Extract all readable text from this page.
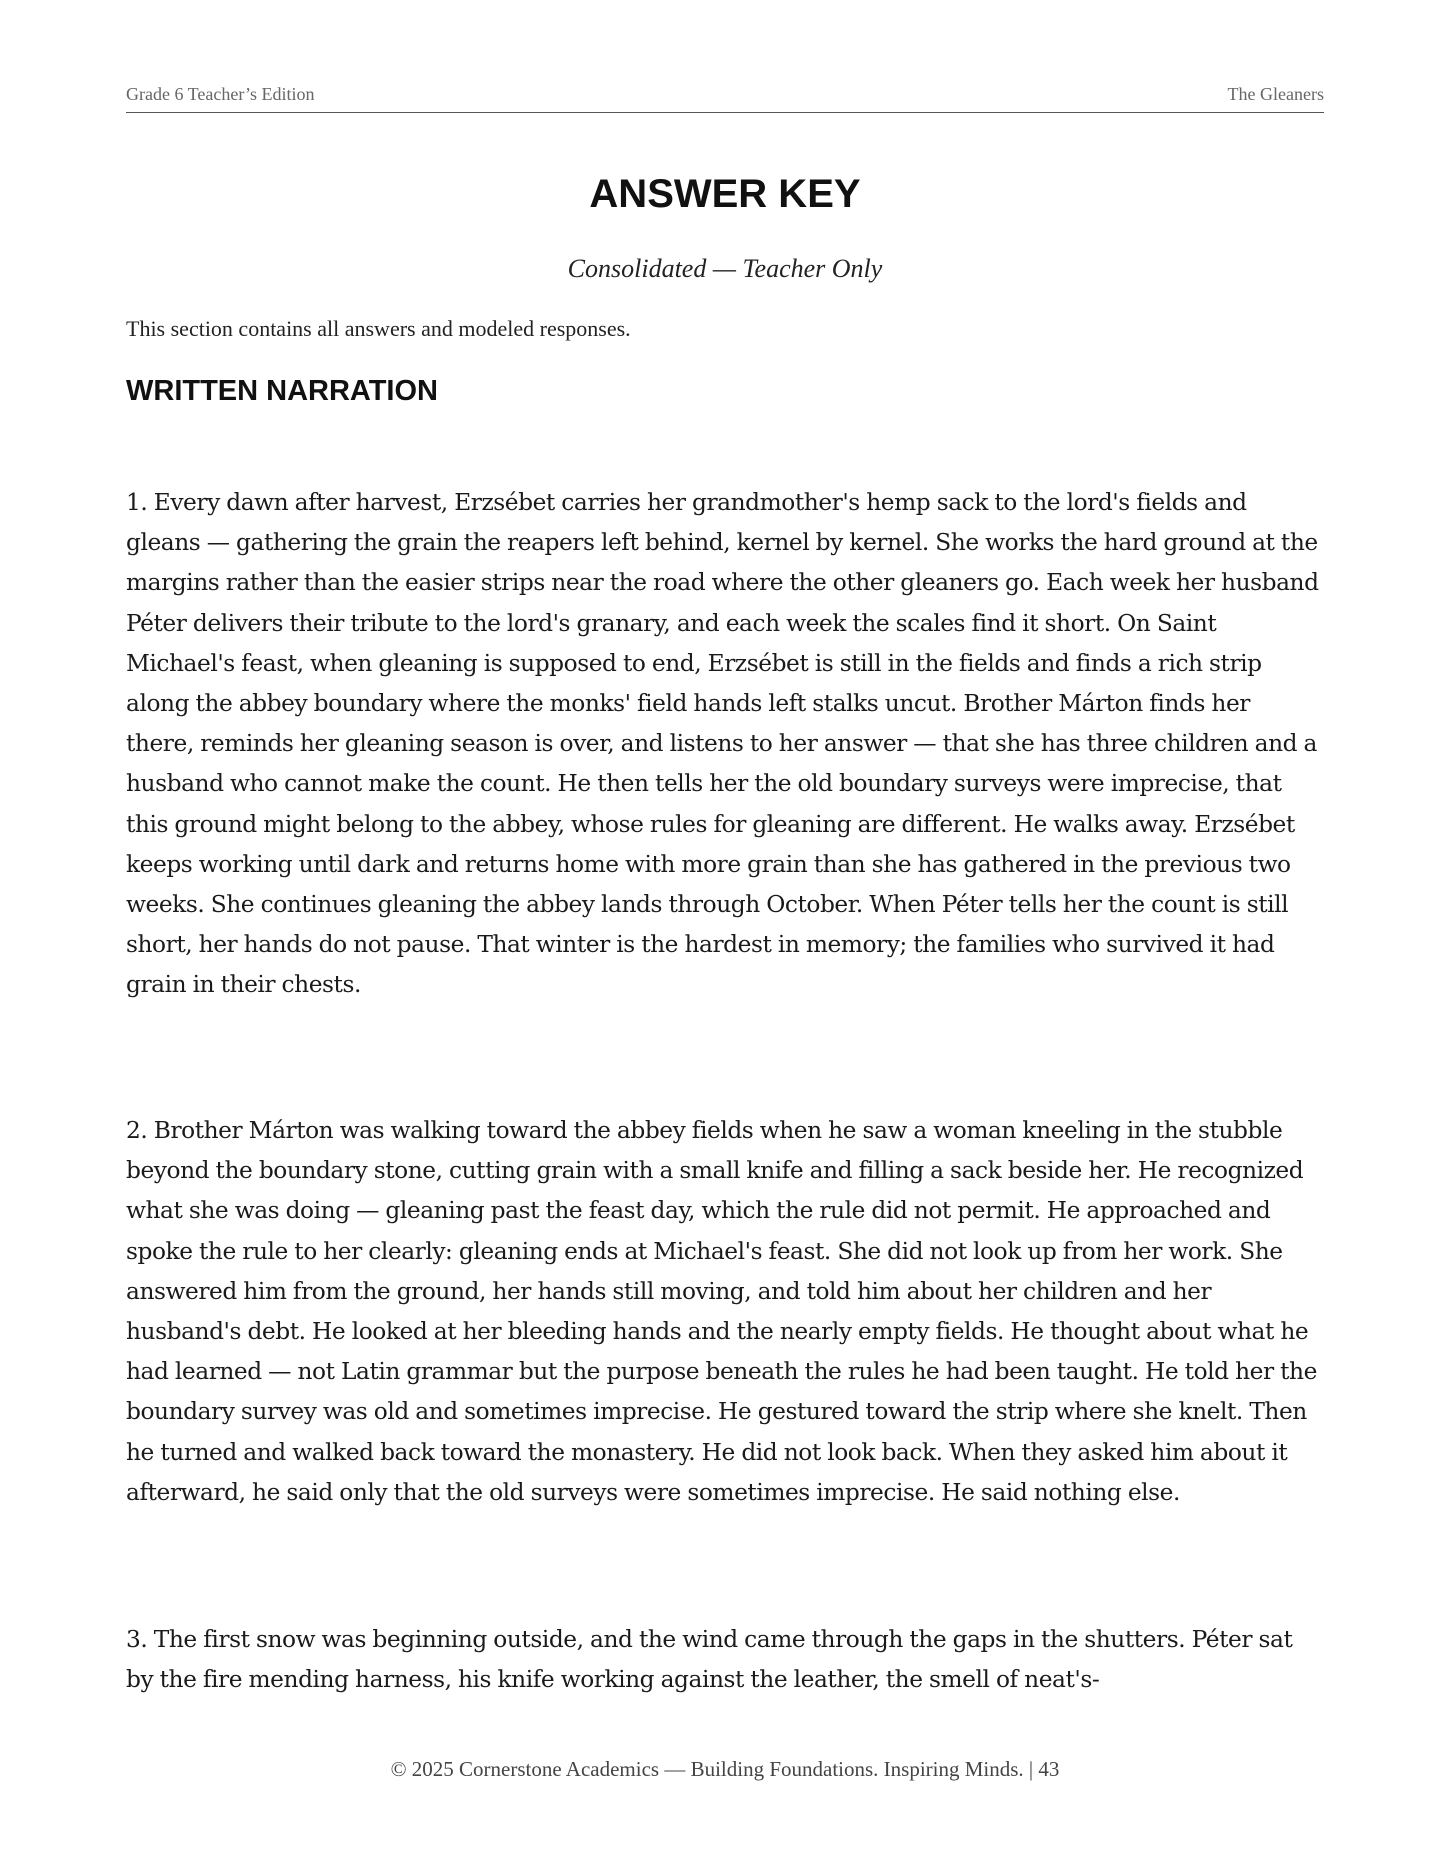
Grade 6 Teacher’s Edition	The Gleaners
ANSWER KEY

Consolidated — Teacher Only

This section contains all answers and modeled responses.

WRITTEN NARRATION

1. Every dawn after harvest, Erzsébet carries her grandmother's hemp sack to the lord's fields and gleans — gathering the grain the reapers left behind, kernel by kernel. She works the hard ground at the margins rather than the easier strips near the road where the other gleaners go. Each week her husband Péter delivers their tribute to the lord's granary, and each week the scales find it short. On Saint Michael's feast, when gleaning is supposed to end, Erzsébet is still in the fields and finds a rich strip along the abbey boundary where the monks' field hands left stalks uncut. Brother Márton finds her there, reminds her gleaning season is over, and listens to her answer — that she has three children and a husband who cannot make the count. He then tells her the old boundary surveys were imprecise, that this ground might belong to the abbey, whose rules for gleaning are different. He walks away. Erzsébet keeps working until dark and returns home with more grain than she has gathered in the previous two weeks. She continues gleaning the abbey lands through October. When Péter tells her the count is still short, her hands do not pause. That winter is the hardest in memory; the families who survived it had grain in their chests.

2. Brother Márton was walking toward the abbey fields when he saw a woman kneeling in the stubble beyond the boundary stone, cutting grain with a small knife and filling a sack beside her. He recognized what she was doing — gleaning past the feast day, which the rule did not permit. He approached and spoke the rule to her clearly: gleaning ends at Michael's feast. She did not look up from her work. She answered him from the ground, her hands still moving, and told him about her children and her husband's debt. He looked at her bleeding hands and the nearly empty fields. He thought about what he had learned — not Latin grammar but the purpose beneath the rules he had been taught. He told her the boundary survey was old and sometimes imprecise. He gestured toward the strip where she knelt. Then he turned and walked back toward the monastery. He did not look back. When they asked him about it afterward, he said only that the old surveys were sometimes imprecise. He said nothing else.

3. The first snow was beginning outside, and the wind came through the gaps in the shutters. Péter sat by the fire mending harness, his knife working against the leather, the smell of neat's-

© 2025 Cornerstone Academics — Building Foundations. Inspiring Minds. | 43
